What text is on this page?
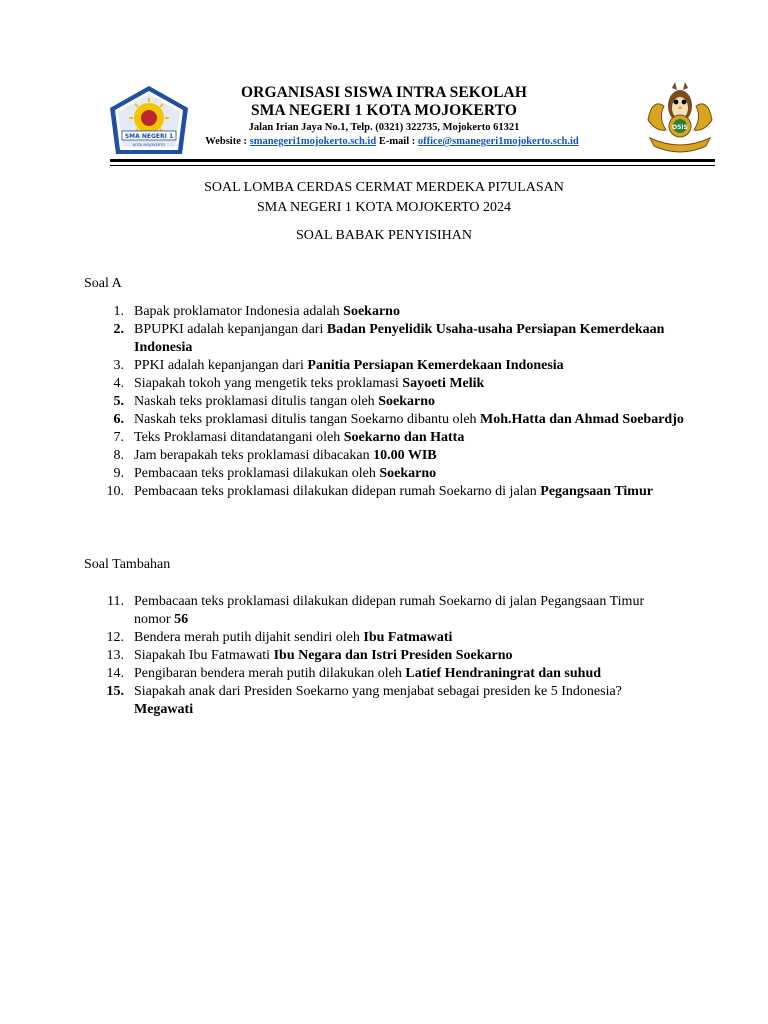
SMA NEGERI 1
KOTA MOJOKERTO
OSIS
ORGANISASI SISWA INTRA SEKOLAH
SMA NEGERI 1 KOTA MOJOKERTO
Jalan Irian Jaya No.1, Telp. (0321) 322735, Mojokerto 61321
Website : smanegeri1mojokerto.sch.id E-mail : office@smanegeri1mojokerto.sch.id
SOAL LOMBA CERDAS CERMAT MERDEKA PI7ULASAN
SMA NEGERI 1 KOTA MOJOKERTO 2024
SOAL BABAK PENYISIHAN
Soal A
1. Bapak proklamator Indonesia adalah Soekarno
2. BPUPKI adalah kepanjangan dari Badan Penyelidik Usaha-usaha Persiapan Kemerdekaan Indonesia
3. PPKI adalah kepanjangan dari Panitia Persiapan Kemerdekaan Indonesia
4. Siapakah tokoh yang mengetik teks proklamasi Sayoeti Melik
5. Naskah teks proklamasi ditulis tangan oleh Soekarno
6. Naskah teks proklamasi ditulis tangan Soekarno dibantu oleh Moh.Hatta dan Ahmad Soebardjo
7. Teks Proklamasi ditandatangani oleh Soekarno dan Hatta
8. Jam berapakah teks proklamasi dibacakan 10.00 WIB
9. Pembacaan teks proklamasi dilakukan oleh Soekarno
10. Pembacaan teks proklamasi dilakukan didepan rumah Soekarno di jalan Pegangsaan Timur
Soal Tambahan
11. Pembacaan teks proklamasi dilakukan didepan rumah Soekarno di jalan Pegangsaan Timur nomor 56
12. Bendera merah putih dijahit sendiri oleh Ibu Fatmawati
13. Siapakah Ibu Fatmawati Ibu Negara dan Istri Presiden Soekarno
14. Pengibaran bendera merah putih dilakukan oleh Latief Hendraningrat dan suhud
15. Siapakah anak dari Presiden Soekarno yang menjabat sebagai presiden ke 5 Indonesia? Megawati
